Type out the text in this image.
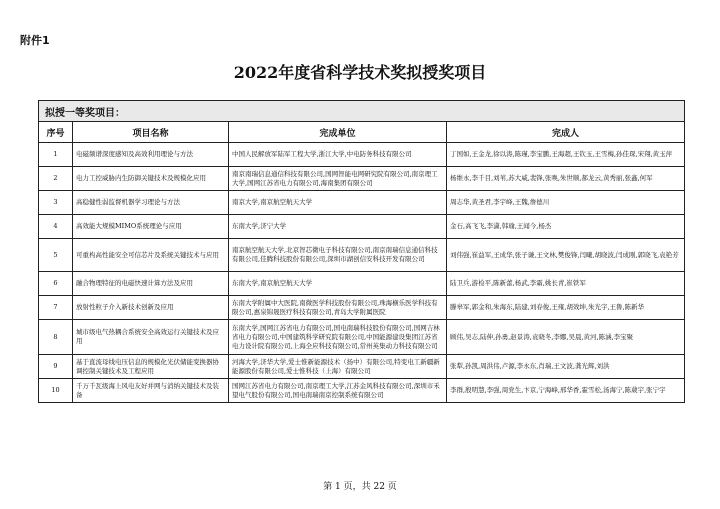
附件1
2022年度省科学技术奖拟授奖项目
拟授一等奖项目：			
序号	项目名称	完成单位	完成人
1	电磁频谱深度感知及高效利用理论与方法	中国人民解放军陆军工程大学,浙江大学,中电防务科技有限公司	丁国如,王金龙,徐以涛,陈瑾,李宝鹏,王海超,王钦玉,王雪梅,孙佳琛,宋翔,黄玉萍
2	电力工控威胁内生防御关键技术及规模化应用	南京南瑞信息通信科技有限公司,国网智能电网研究院有限公司,南京理工大学,国网江苏省电力有限公司,海南集团有限公司	杨维永,李千目,刘苇,苏大威,裴锋,张唤,朱世顺,郝龙云,黄秀丽,张鑫,何军
3	高稳健性弱监督机器学习理论与方法	南京大学,南京航空航天大学	周志华,黄圣君,李宇峰,王魏,詹德川
4	高效能大规模MIMO系统理论与应用	东南大学,济宁大学	金石,高飞飞,李潇,韩瑜,王闻今,杨杰
5	可重构高性能安全可信芯片及系统关键技术与应用	南京航空航天大学,北京智芯微电子科技有限公司,南京南瑞信息通信科技有限公司,佳腾科技股份有限公司,深圳市湖创信安科技开发有限公司	刘伟强,崔益军,王成华,张子谦,王文林,樊俊锋,闫曦,胡晓波,闫成刚,郭晓飞,袁艳芳
6	融合物理特征的电磁快速计算方法及应用	东南大学,南京航空航天大学	陆卫兵,游检平,陈新蕾,杨武,李霜,姚长青,崔铁军
7	放射性粒子介入新技术创新及应用	东南大学附属中大医院,南微医学科技股份有限公司,珠海横乐医学科技有限公司,惠泉锦晟医疗科技有限公司,青岛大学附属医院	滕皋军,郭金和,朱海东,陆建,刘春俊,王雍,胡效坤,朱光宇,王鲁,陈新华
8	城市级电气热耦合系统安全高效运行关键技术及应用	东南大学,国网江苏省电力有限公司,国电南瑞科技股份有限公司,国网吉林省电力有限公司,中国建筑科学研究院有限公司,中国能源建设集团江苏省电力设计院有限公司,上海全应科技有限公司,常州英集动力科技有限公司	顾伟,吴志,陆伸,孙勇,赵景涛,袁晓冬,李娜,吴晨,黄河,陈涵,李宝聚
9	基于直流母线电压信息的规模化光伏储能变换器协调控制关键技术及工程应用	河海大学,济华大学,爱士惟新能源技术（扬中）有限公司,特变电工新疆新能源股份有限公司,爱士惟科技（上海）有限公司	张犁,孙凯,周洪伟,卢源,李永东,肖瑞,王文波,龚光辉,刘洪
10	千万千瓦级海上风电友好并网与消纳关键技术及装备	国网江苏省电力有限公司,南京理工大学,江苏金风科技有限公司,深圳市禾望电气股份有限公司,国电南瑞南京控制系统有限公司	李群,殷明慧,李强,周党生,卞京,宁海峰,邢华香,霍雪松,汤海宁,陈葳宇,张宁宇
第 1 页，共 22 页
